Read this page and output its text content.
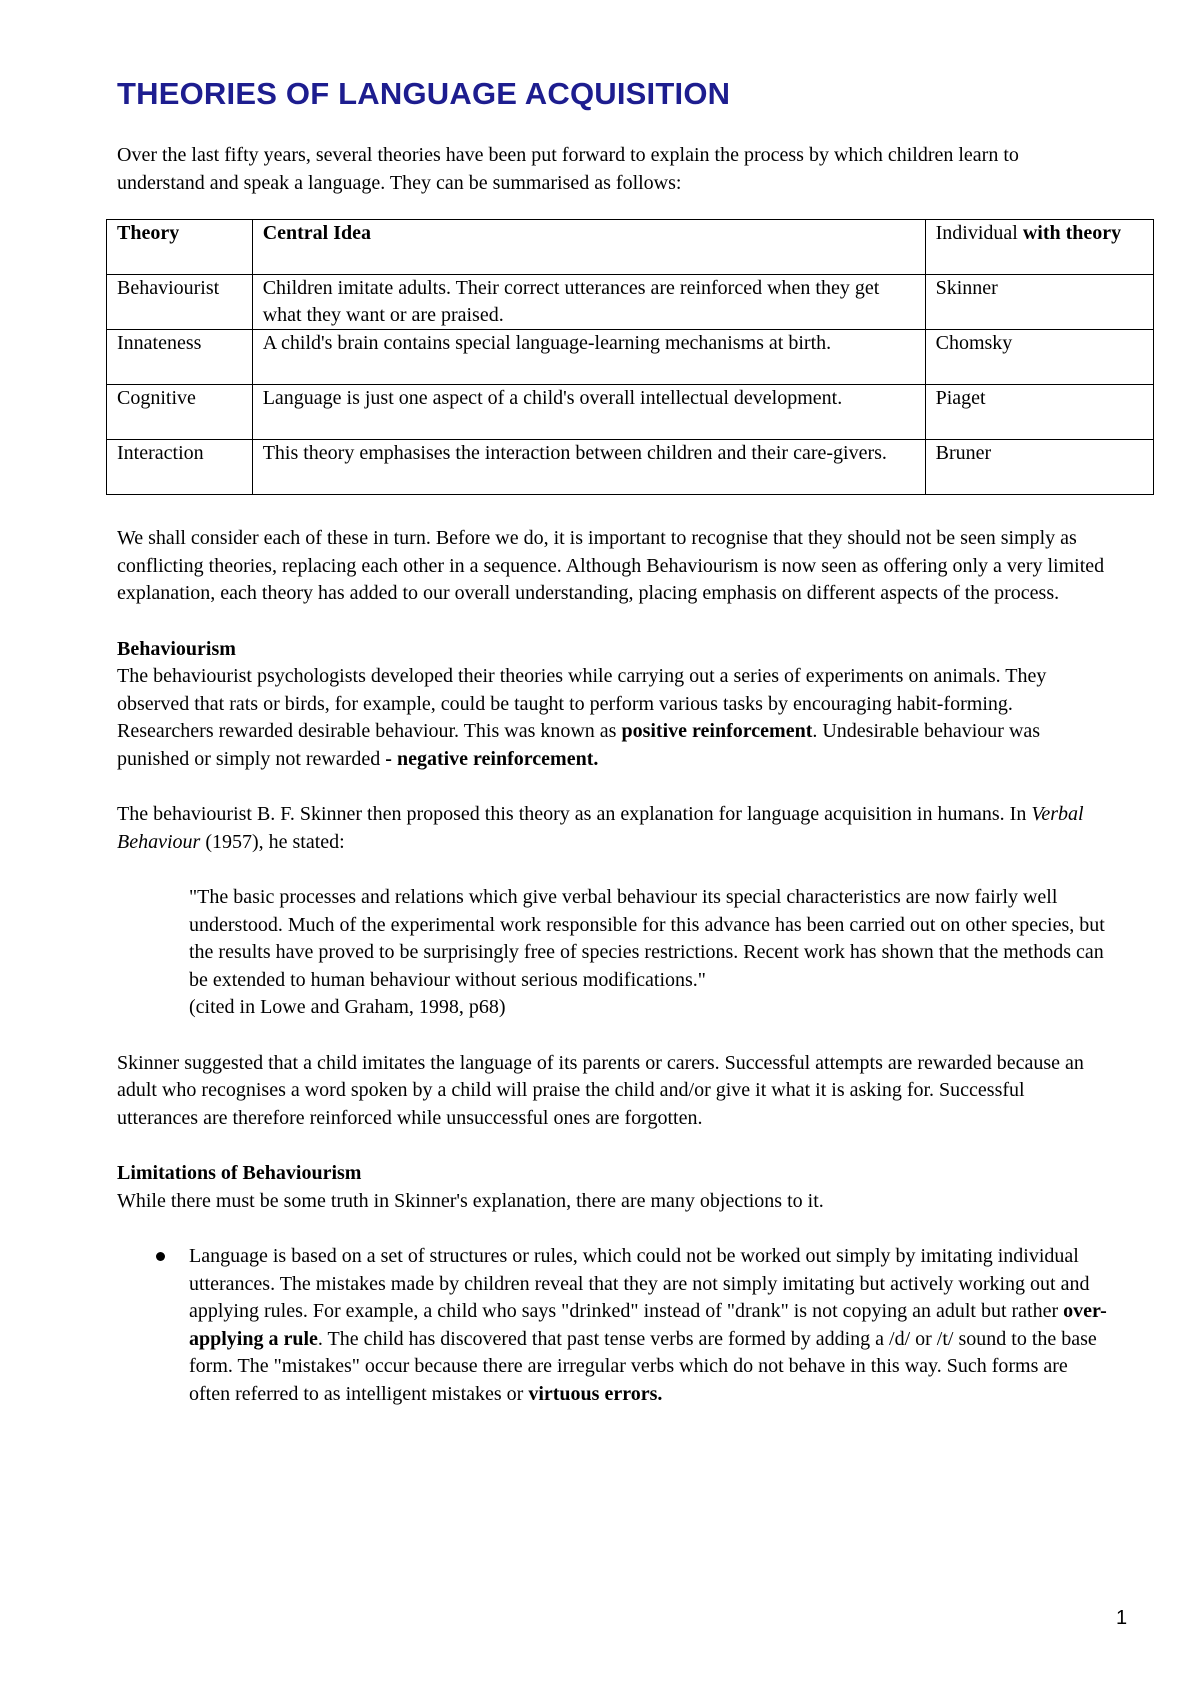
THEORIES OF LANGUAGE ACQUISITION

Over the last fifty years, several theories have been put forward to explain the process by which children learn to understand and speak a language. They can be summarised as follows:

Theory	Central Idea	Individual with theory
Behaviourist	Children imitate adults. Their correct utterances are reinforced when they get what they want or are praised.	Skinner
Innateness	A child's brain contains special language-learning mechanisms at birth.	Chomsky
Cognitive	Language is just one aspect of a child's overall intellectual development.	Piaget
Interaction	This theory emphasises the interaction between children and their care-givers.	Bruner

We shall consider each of these in turn. Before we do, it is important to recognise that they should not be seen simply as conflicting theories, replacing each other in a sequence. Although Behaviourism is now seen as offering only a very limited explanation, each theory has added to our overall understanding, placing emphasis on different aspects of the process.

Behaviourism
The behaviourist psychologists developed their theories while carrying out a series of experiments on animals. They observed that rats or birds, for example, could be taught to perform various tasks by encouraging habit-forming. Researchers rewarded desirable behaviour. This was known as positive reinforcement. Undesirable behaviour was punished or simply not rewarded - negative reinforcement.

The behaviourist B. F. Skinner then proposed this theory as an explanation for language acquisition in humans. In Verbal Behaviour (1957), he stated:

"The basic processes and relations which give verbal behaviour its special characteristics are now fairly well understood. Much of the experimental work responsible for this advance has been carried out on other species, but the results have proved to be surprisingly free of species restrictions. Recent work has shown that the methods can be extended to human behaviour without serious modifications."
(cited in Lowe and Graham, 1998, p68)

Skinner suggested that a child imitates the language of its parents or carers. Successful attempts are rewarded because an adult who recognises a word spoken by a child will praise the child and/or give it what it is asking for. Successful utterances are therefore reinforced while unsuccessful ones are forgotten.

Limitations of Behaviourism
While there must be some truth in Skinner's explanation, there are many objections to it.

Language is based on a set of structures or rules, which could not be worked out simply by imitating individual utterances. The mistakes made by children reveal that they are not simply imitating but actively working out and applying rules. For example, a child who says "drinked" instead of "drank" is not copying an adult but rather over-applying a rule. The child has discovered that past tense verbs are formed by adding a /d/ or /t/ sound to the base form. The "mistakes" occur because there are irregular verbs which do not behave in this way. Such forms are often referred to as intelligent mistakes or virtuous errors.
1
